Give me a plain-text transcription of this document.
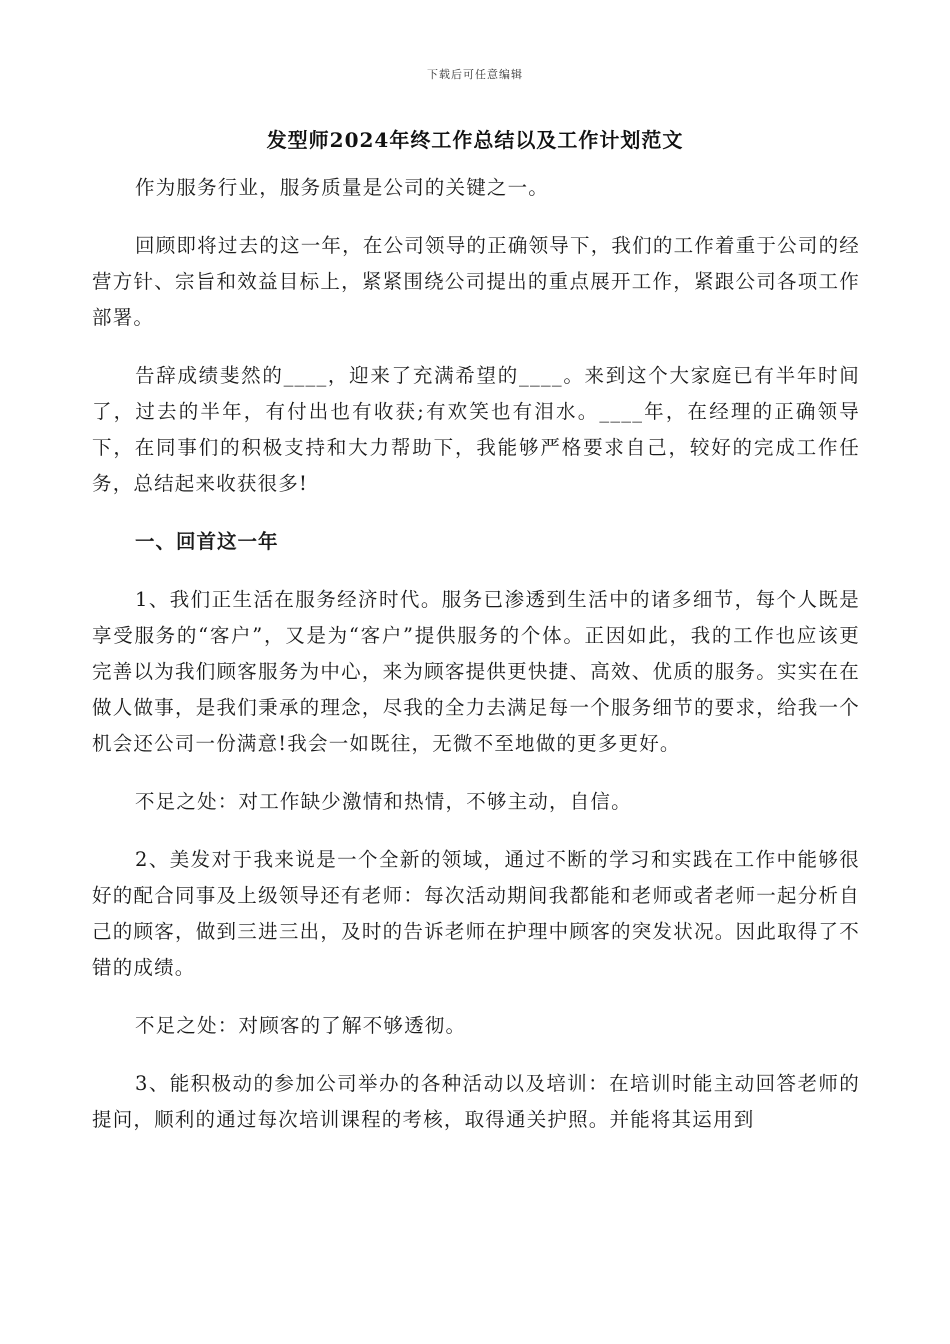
下载后可任意编辑
发型师2024年终工作总结以及工作计划范文

作为服务行业，服务质量是公司的关键之一。

回顾即将过去的这一年，在公司领导的正确领导下，我们的工作着重于公司的经营方针、宗旨和效益目标上，紧紧围绕公司提出的重点展开工作，紧跟公司各项工作部署。

告辞成绩斐然的____，迎来了充满希望的____。来到这个大家庭已有半年时间了，过去的半年，有付出也有收获;有欢笑也有泪水。____年，在经理的正确领导下，在同事们的积极支持和大力帮助下，我能够严格要求自己，较好的完成工作任务，总结起来收获很多!

一、回首这一年

1、我们正生活在服务经济时代。服务已渗透到生活中的诸多细节，每个人既是享受服务的“客户”，又是为“客户”提供服务的个体。正因如此，我的工作也应该更完善以为我们顾客服务为中心，来为顾客提供更快捷、高效、优质的服务。实实在在做人做事，是我们秉承的理念，尽我的全力去满足每一个服务细节的要求，给我一个机会还公司一份满意!我会一如既往，无微不至地做的更多更好。

不足之处：对工作缺少激情和热情，不够主动，自信。

2、美发对于我来说是一个全新的领域，通过不断的学习和实践在工作中能够很好的配合同事及上级领导还有老师：每次活动期间我都能和老师或者老师一起分析自己的顾客，做到三进三出，及时的告诉老师在护理中顾客的突发状况。因此取得了不错的成绩。

不足之处：对顾客的了解不够透彻。

3、能积极动的参加公司举办的各种活动以及培训：在培训时能主动回答老师的提问，顺利的通过每次培训课程的考核，取得通关护照。并能将其运用到
